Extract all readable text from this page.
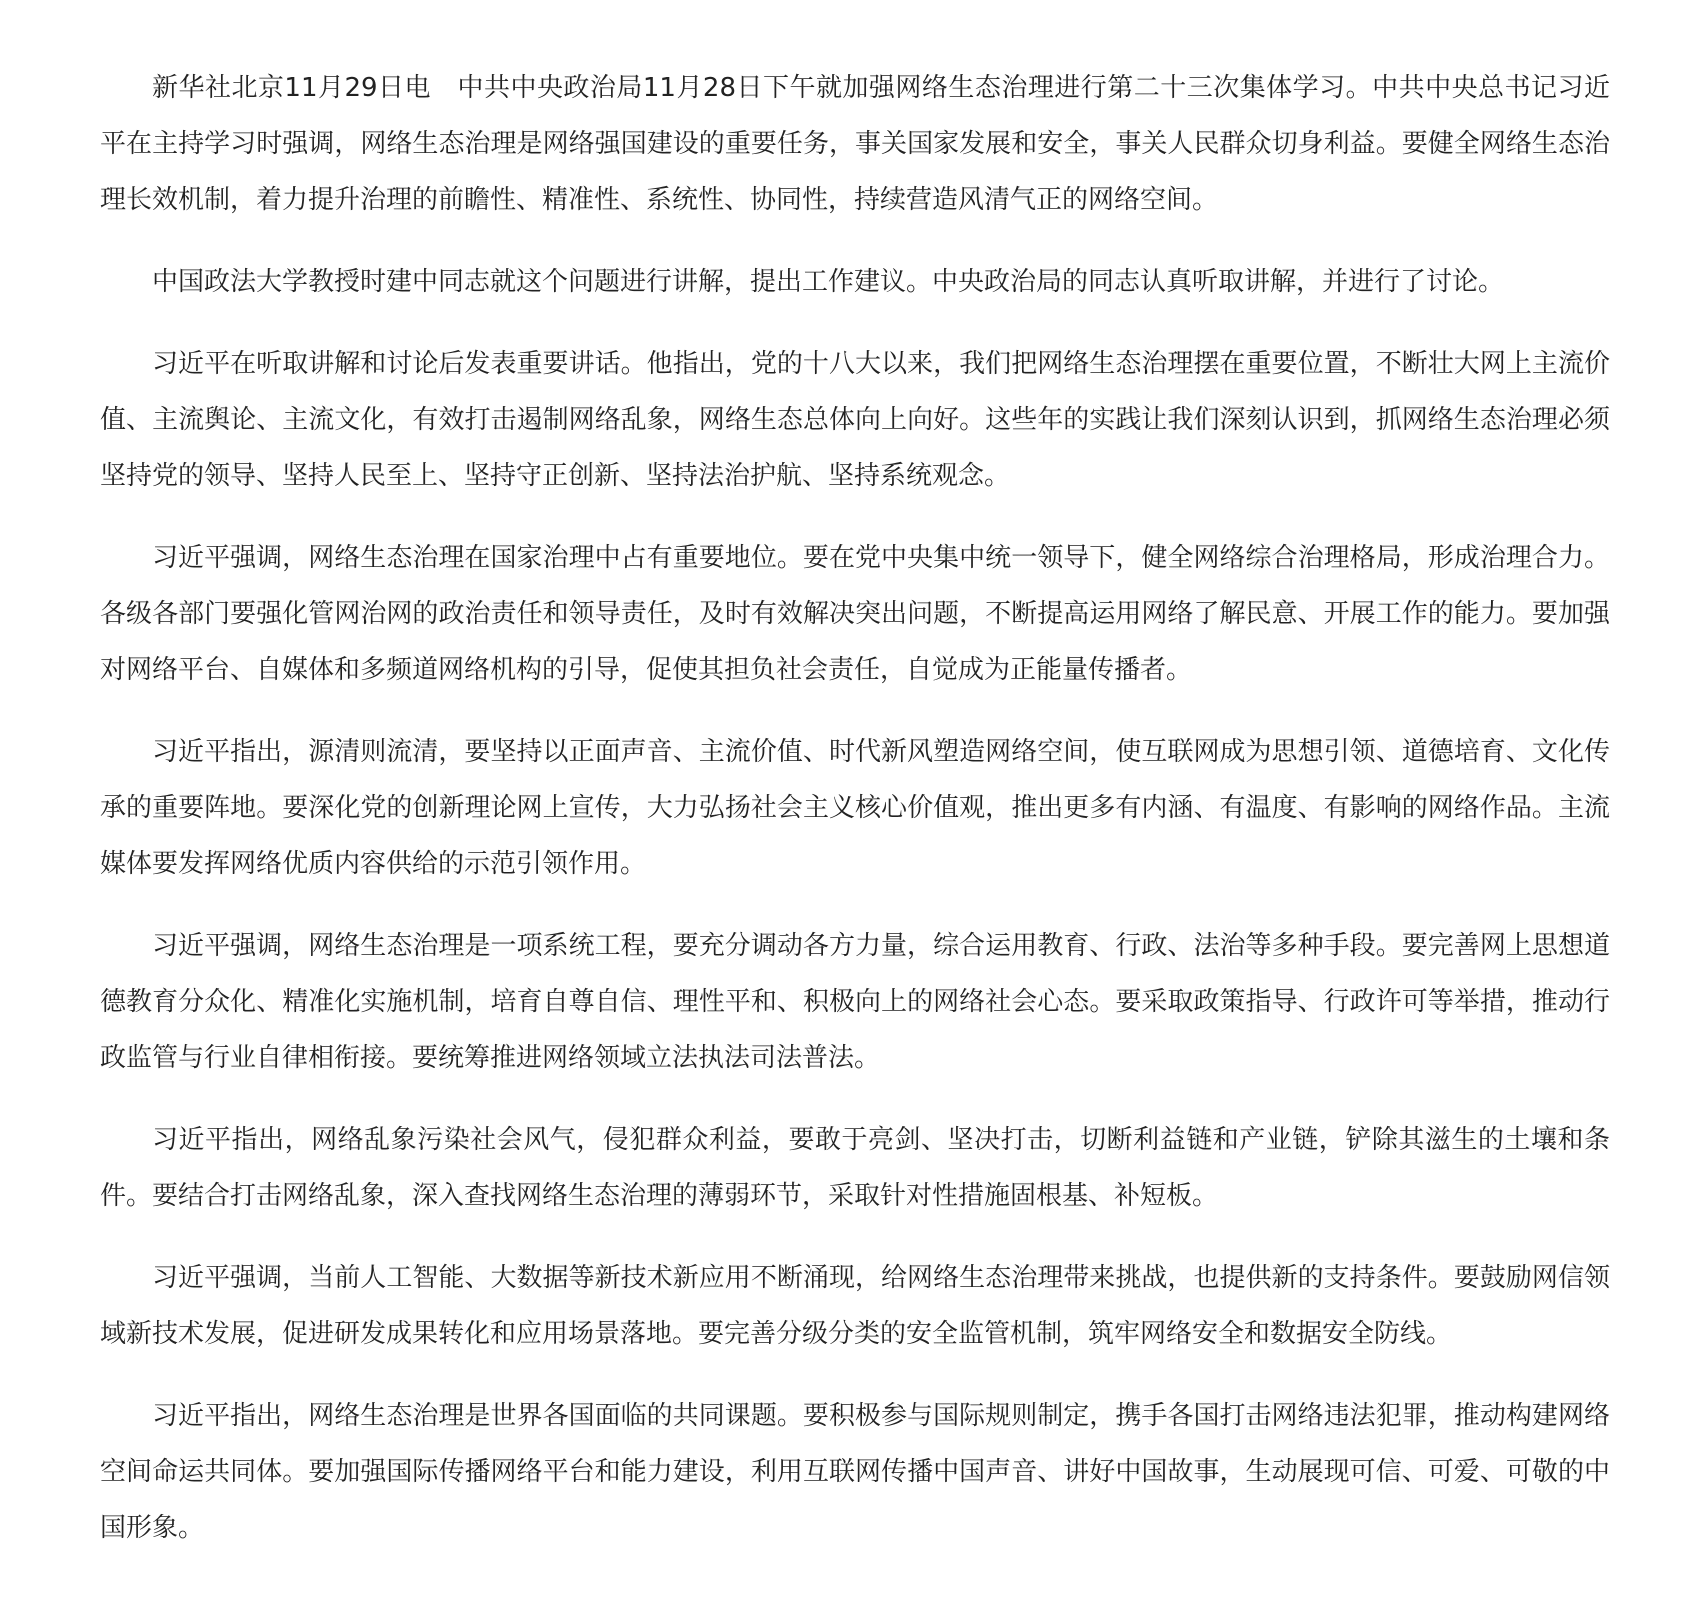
新华社北京11月29日电　中共中央政治局11月28日下午就加强网络生态治理进行第二十三次集体学习。中共中央总书记习近平在主持学习时强调，网络生态治理是网络强国建设的重要任务，事关国家发展和安全，事关人民群众切身利益。要健全网络生态治理长效机制，着力提升治理的前瞻性、精准性、系统性、协同性，持续营造风清气正的网络空间。

中国政法大学教授时建中同志就这个问题进行讲解，提出工作建议。中央政治局的同志认真听取讲解，并进行了讨论。

习近平在听取讲解和讨论后发表重要讲话。他指出，党的十八大以来，我们把网络生态治理摆在重要位置，不断壮大网上主流价值、主流舆论、主流文化，有效打击遏制网络乱象，网络生态总体向上向好。这些年的实践让我们深刻认识到，抓网络生态治理必须坚持党的领导、坚持人民至上、坚持守正创新、坚持法治护航、坚持系统观念。

习近平强调，网络生态治理在国家治理中占有重要地位。要在党中央集中统一领导下，健全网络综合治理格局，形成治理合力。各级各部门要强化管网治网的政治责任和领导责任，及时有效解决突出问题，不断提高运用网络了解民意、开展工作的能力。要加强对网络平台、自媒体和多频道网络机构的引导，促使其担负社会责任，自觉成为正能量传播者。

习近平指出，源清则流清，要坚持以正面声音、主流价值、时代新风塑造网络空间，使互联网成为思想引领、道德培育、文化传承的重要阵地。要深化党的创新理论网上宣传，大力弘扬社会主义核心价值观，推出更多有内涵、有温度、有影响的网络作品。主流媒体要发挥网络优质内容供给的示范引领作用。

习近平强调，网络生态治理是一项系统工程，要充分调动各方力量，综合运用教育、行政、法治等多种手段。要完善网上思想道德教育分众化、精准化实施机制，培育自尊自信、理性平和、积极向上的网络社会心态。要采取政策指导、行政许可等举措，推动行政监管与行业自律相衔接。要统筹推进网络领域立法执法司法普法。

习近平指出，网络乱象污染社会风气，侵犯群众利益，要敢于亮剑、坚决打击，切断利益链和产业链，铲除其滋生的土壤和条件。要结合打击网络乱象，深入查找网络生态治理的薄弱环节，采取针对性措施固根基、补短板。

习近平强调，当前人工智能、大数据等新技术新应用不断涌现，给网络生态治理带来挑战，也提供新的支持条件。要鼓励网信领域新技术发展，促进研发成果转化和应用场景落地。要完善分级分类的安全监管机制，筑牢网络安全和数据安全防线。

习近平指出，网络生态治理是世界各国面临的共同课题。要积极参与国际规则制定，携手各国打击网络违法犯罪，推动构建网络空间命运共同体。要加强国际传播网络平台和能力建设，利用互联网传播中国声音、讲好中国故事，生动展现可信、可爱、可敬的中国形象。
